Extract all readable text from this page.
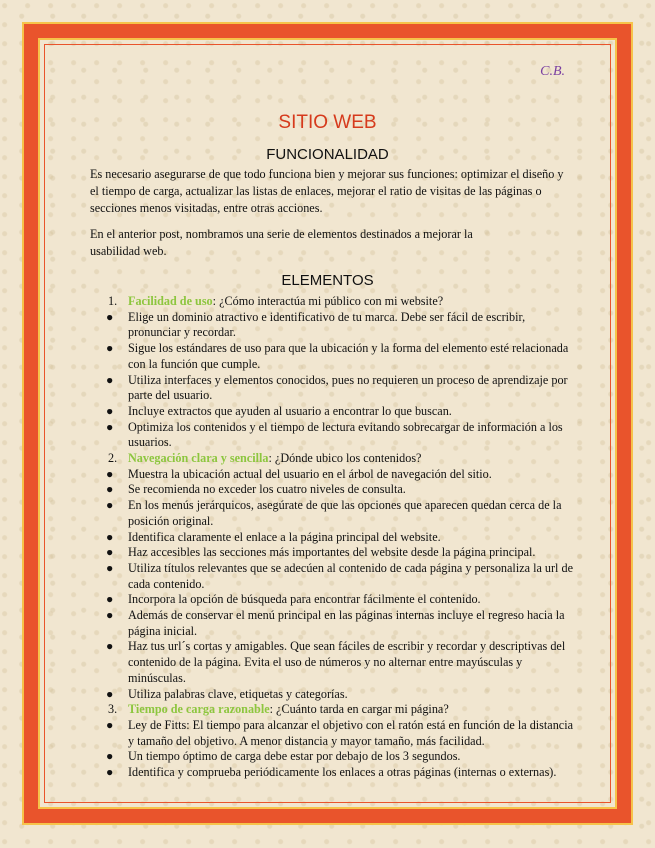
C.B.
SITIO WEB
FUNCIONALIDAD
Es necesario asegurarse de que todo funciona bien y mejorar sus funciones: optimizar el diseño y el tiempo de carga, actualizar las listas de enlaces, mejorar el ratio de visitas de las páginas o secciones menos visitadas, entre otras acciones.
En el anterior post, nombramos una serie de elementos destinados a mejorar la usabilidad web.
ELEMENTOS
1. Facilidad de uso: ¿Cómo interactúa mi público con mi website?
●	Elige un dominio atractivo e identificativo de tu marca. Debe ser fácil de escribir, pronunciar y recordar.
●	Sigue los estándares de uso para que la ubicación y la forma del elemento esté relacionada con la función que cumple.
●	Utiliza interfaces y elementos conocidos, pues no requieren un proceso de aprendizaje por parte del usuario.
●	Incluye extractos que ayuden al usuario a encontrar lo que buscan.
●	Optimiza los contenidos y el tiempo de lectura evitando sobrecargar de información a los usuarios.
2. Navegación clara y sencilla: ¿Dónde ubico los contenidos?
●	Muestra la ubicación actual del usuario en el árbol de navegación del sitio.
●	Se recomienda no exceder los cuatro niveles de consulta.
●	En los menús jerárquicos, asegúrate de que las opciones que aparecen quedan cerca de la posición original.
●	Identifica claramente el enlace a la página principal del website.
●	Haz accesibles las secciones más importantes del website desde la página principal.
●	Utiliza títulos relevantes que se adecúen al contenido de cada página y personaliza la url de cada contenido.
●	Incorpora la opción de búsqueda para encontrar fácilmente el contenido.
●	Además de conservar el menú principal en las páginas internas incluye el regreso hacia la página inicial.
●	Haz tus url´s cortas y amigables. Que sean fáciles de escribir y recordar y descriptivas del contenido de la página. Evita el uso de números y no alternar entre mayúsculas y minúsculas.
●	Utiliza palabras clave, etiquetas y categorías.
3. Tiempo de carga razonable: ¿Cuánto tarda en cargar mi página?
●	Ley de Fitts: El tiempo para alcanzar el objetivo con el ratón está en función de la distancia y tamaño del objetivo. A menor distancia y mayor tamaño, más facilidad.
●	Un tiempo óptimo de carga debe estar por debajo de los 3 segundos.
●	Identifica y comprueba periódicamente los enlaces a otras páginas (internas o externas).
